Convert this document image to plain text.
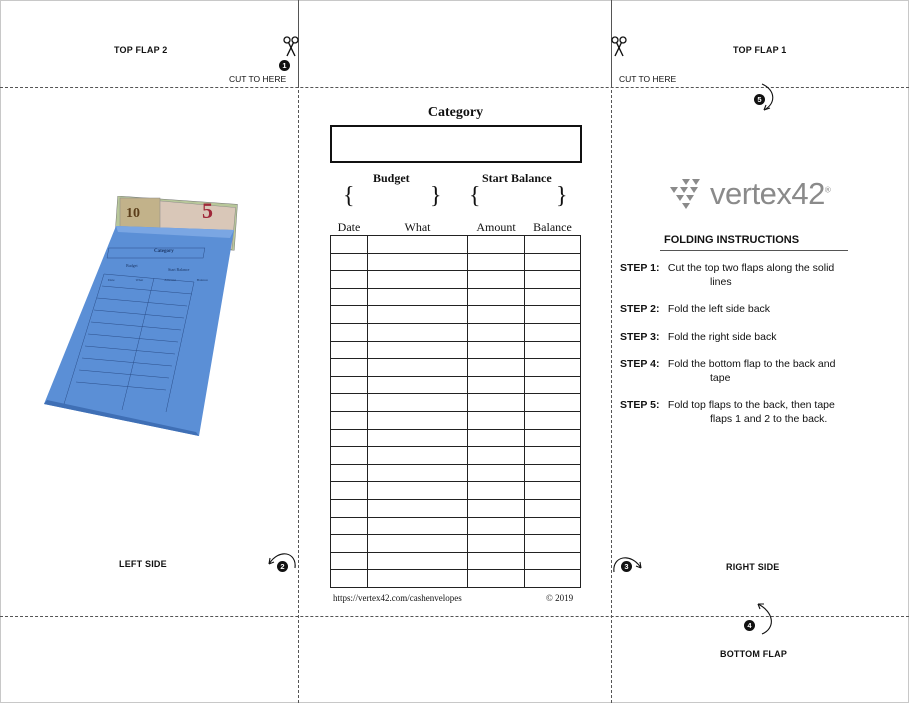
TOP FLAP 2	TOP FLAP 1
LEFT SIDE	RIGHT SIDE
BOTTOM FLAP
1
CUT TO HERE	CUT TO HERE
5
2	3
4
5
10
Category
Budget
Start Balance
Date	What	Amount	Balance
Category
Budget	Start Balance
{	} {	}
Date	What	Amount	Balance

https://vertex42.com/cashenvelopes	© 2019
vertex42®
FOLDING INSTRUCTIONS
STEP 1: Cut the top two flaps along the solid lines
STEP 2: Fold the left side back
STEP 3: Fold the right side back
STEP 4: Fold the bottom flap to the back and tape
STEP 5: Fold top flaps to the back, then tape flaps 1 and 2 to the back.
